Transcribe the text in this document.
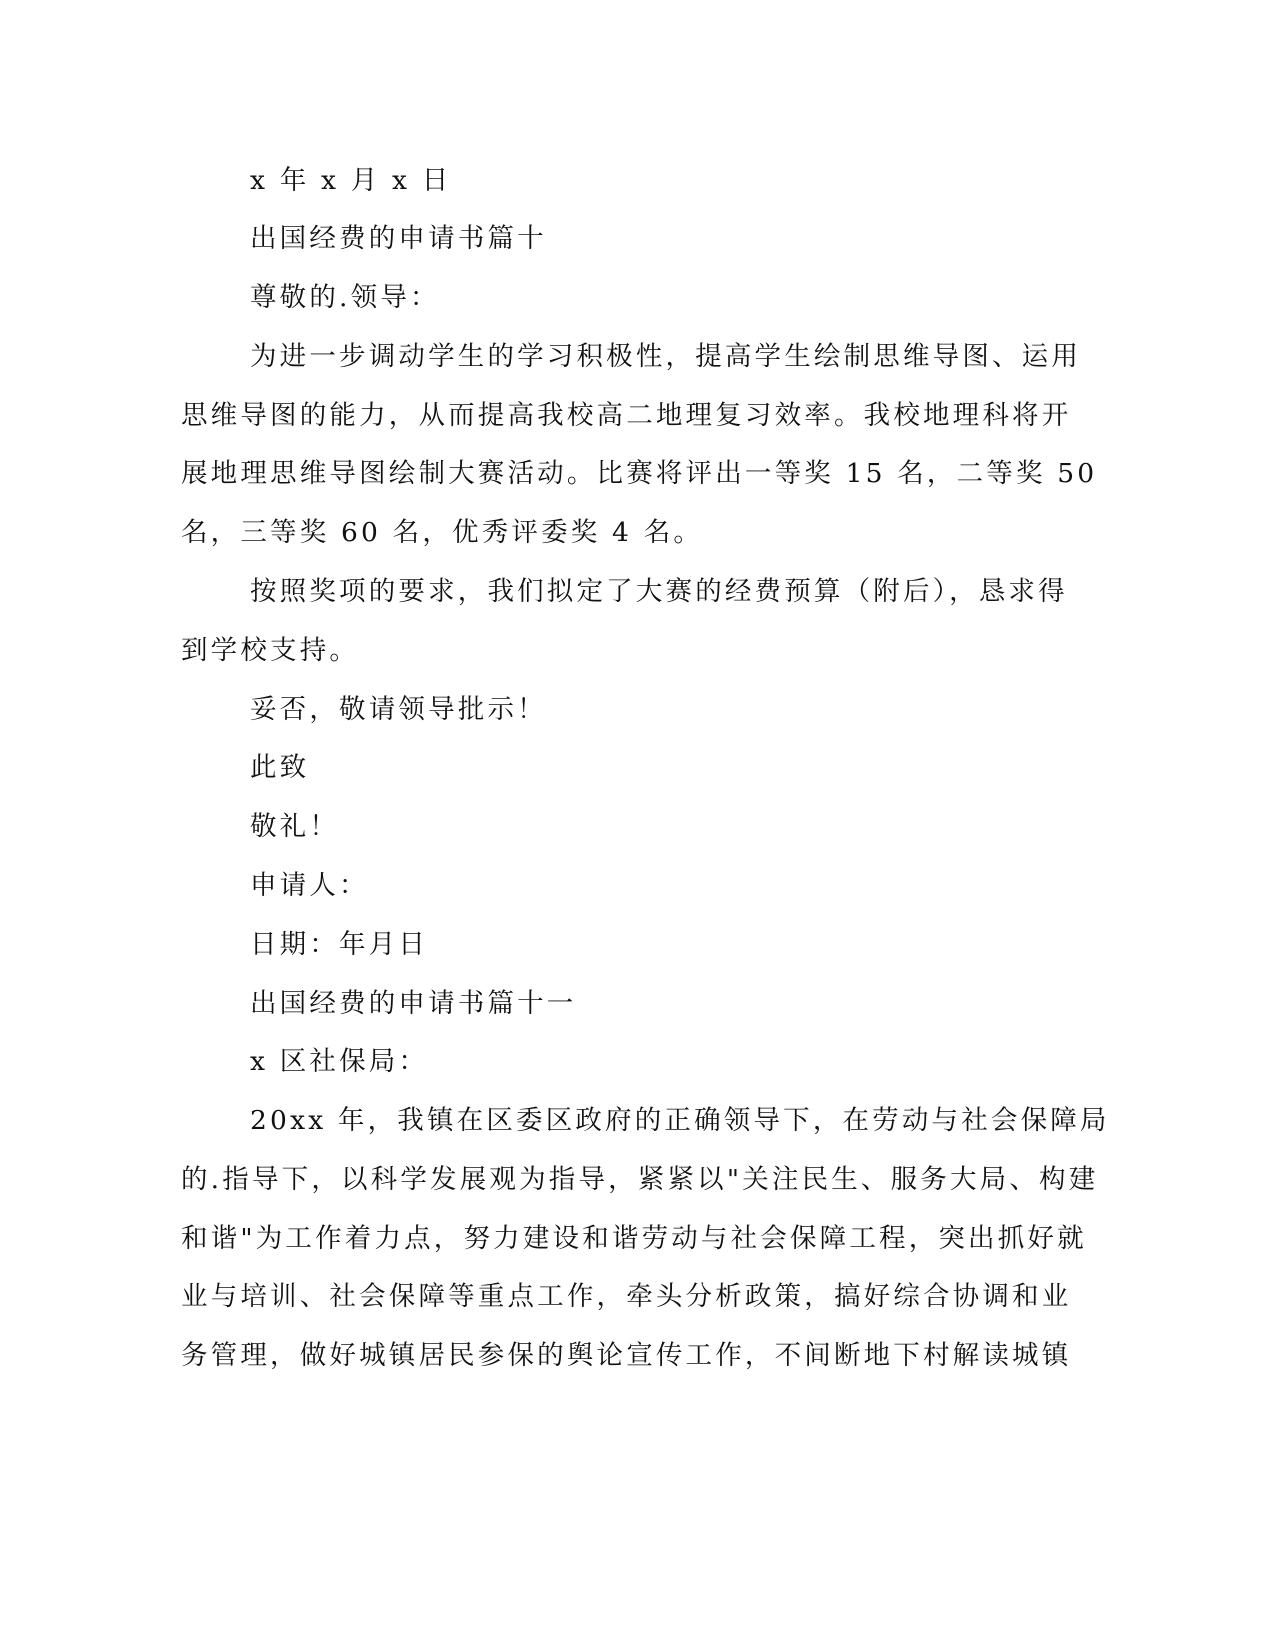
x 年 x 月 x 日
出国经费的申请书篇十
尊敬的.领导：
为进一步调动学生的学习积极性，提高学生绘制思维导图、运用
思维导图的能力，从而提高我校高二地理复习效率。我校地理科将开
展地理思维导图绘制大赛活动。比赛将评出一等奖 15 名，二等奖 50
名，三等奖 60 名，优秀评委奖 4 名。
按照奖项的要求，我们拟定了大赛的经费预算（附后），恳求得
到学校支持。
妥否，敬请领导批示！
此致
敬礼！
申请人：
日期：年月日
出国经费的申请书篇十一
x 区社保局：
20xx 年，我镇在区委区政府的正确领导下，在劳动与社会保障局
的.指导下，以科学发展观为指导，紧紧以"关注民生、服务大局、构建
和谐"为工作着力点，努力建设和谐劳动与社会保障工程，突出抓好就
业与培训、社会保障等重点工作，牵头分析政策，搞好综合协调和业
务管理，做好城镇居民参保的舆论宣传工作，不间断地下村解读城镇
